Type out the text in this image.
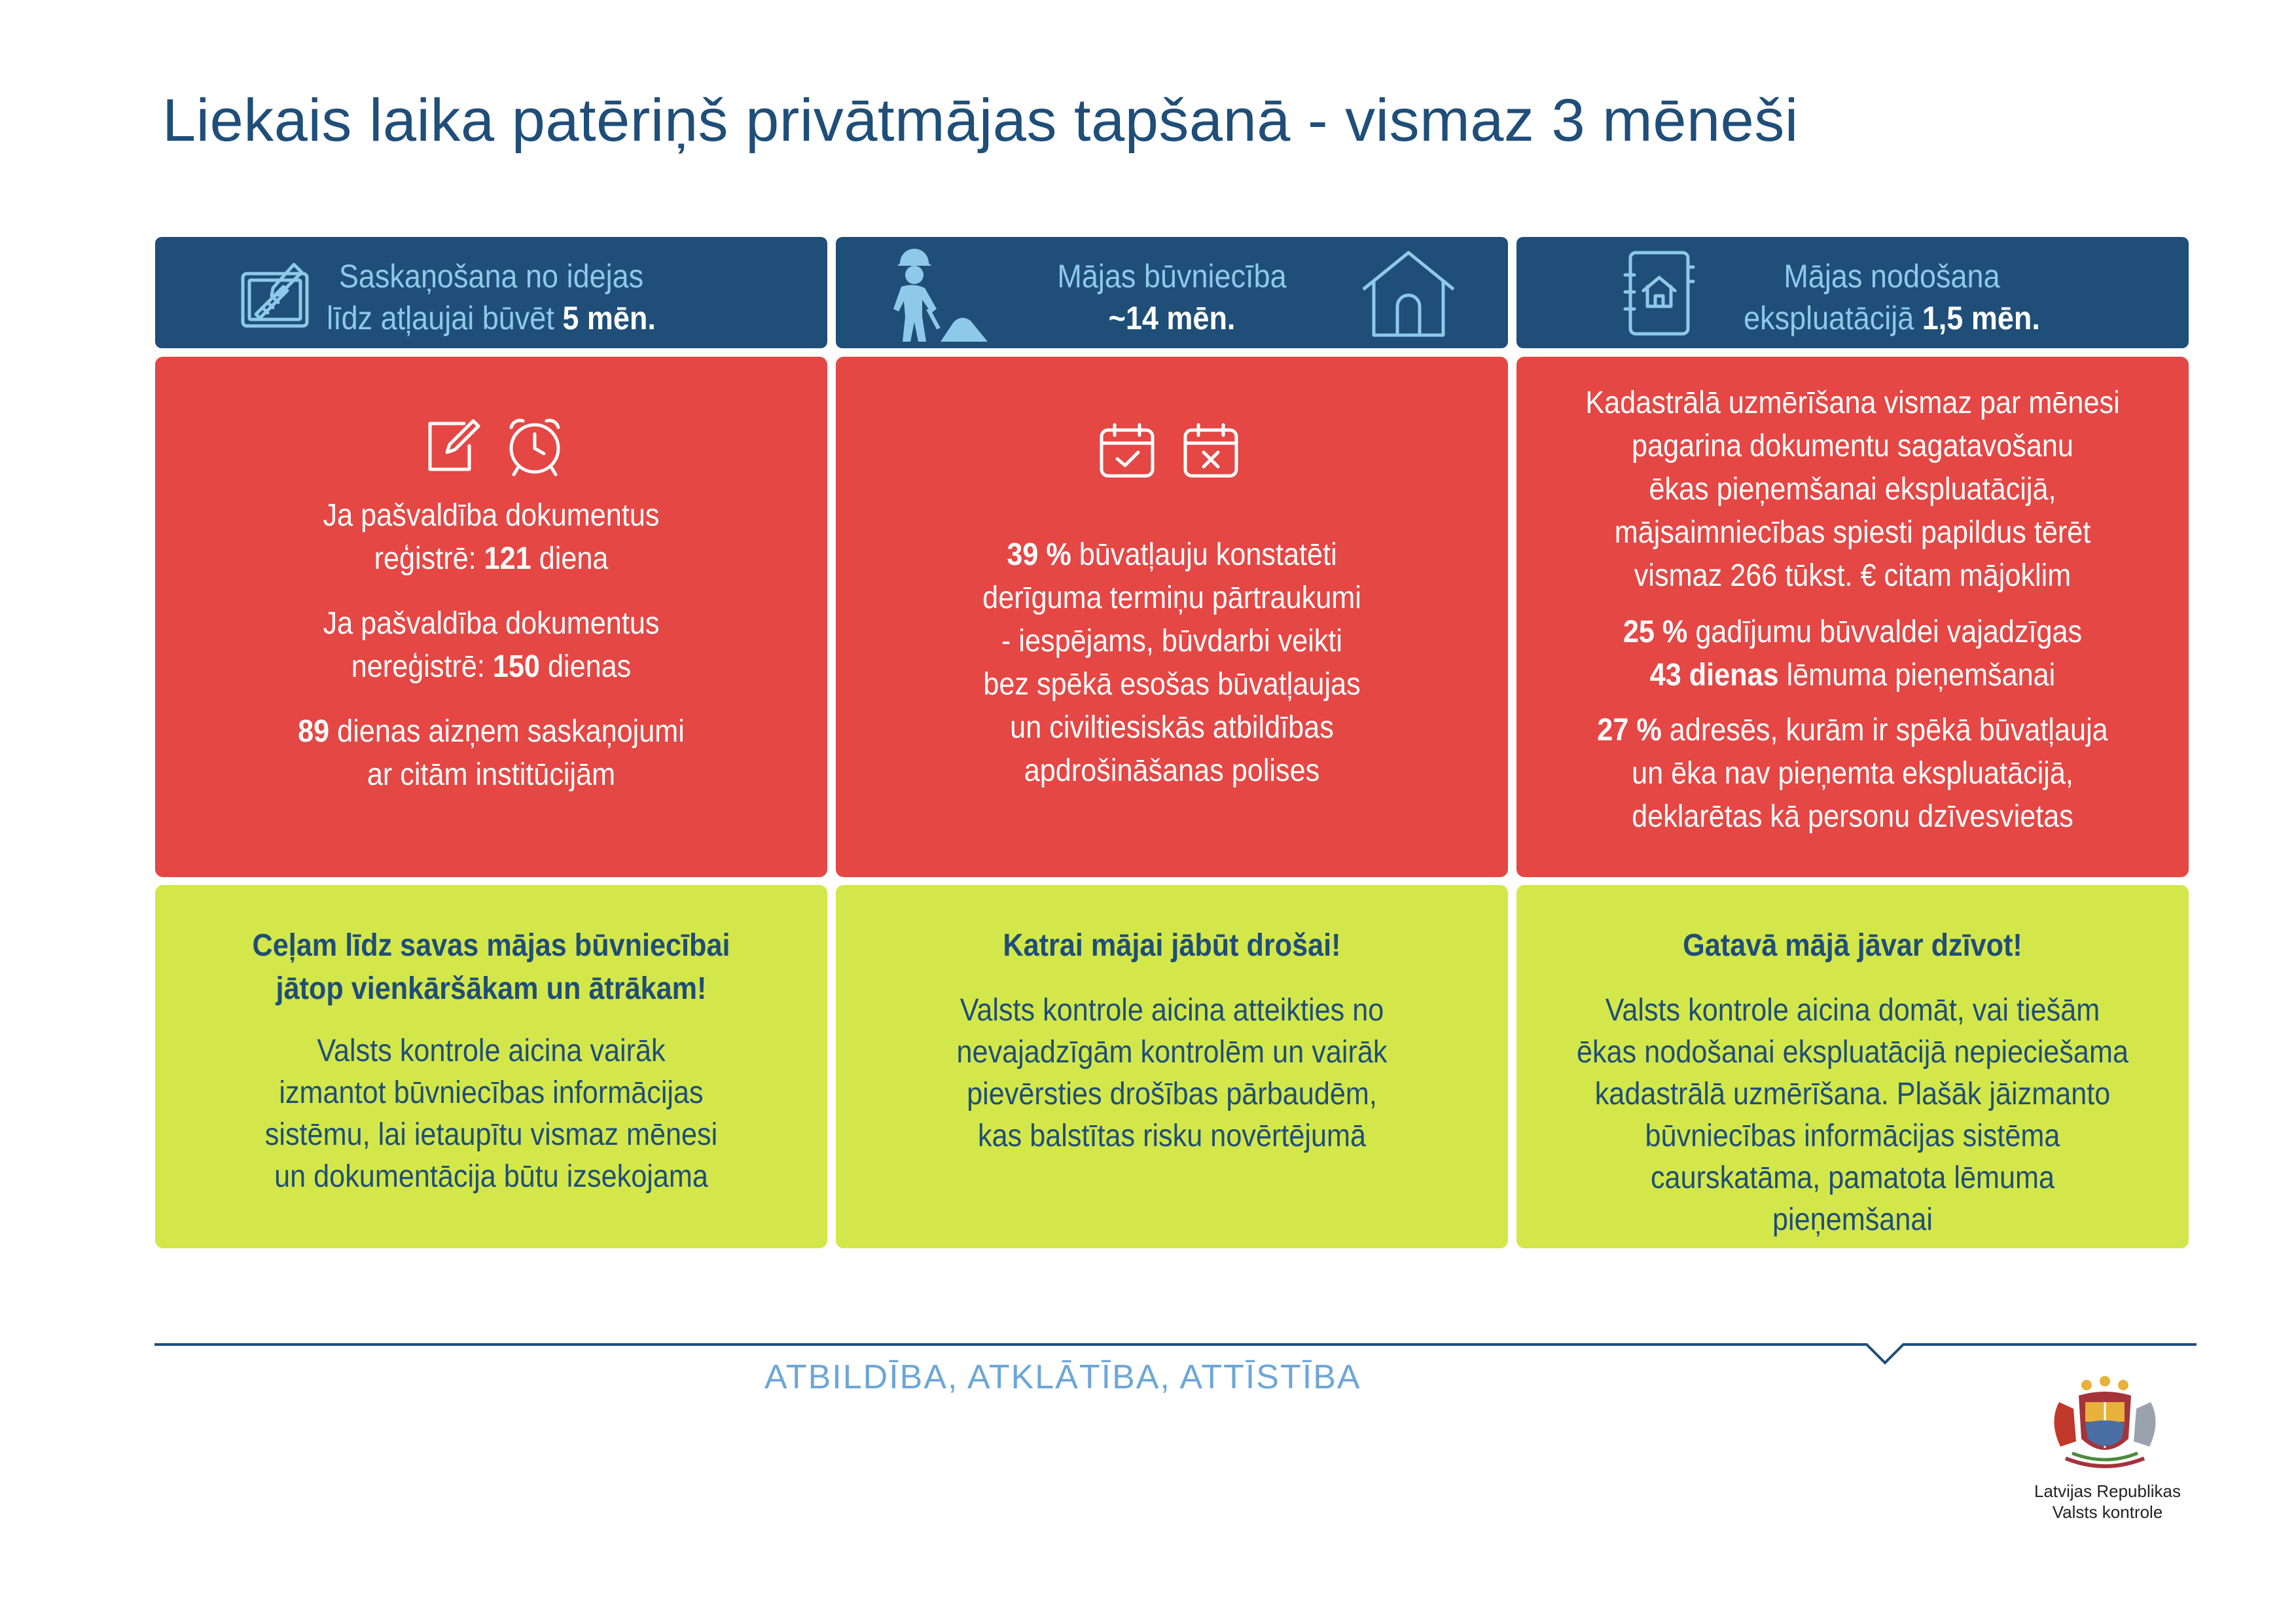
Liekais laika patēriņš privātmājas tapšanā - vismaz 3 mēneši
Saskaņošana no idejas
līdz atļaujai būvēt 5 mēn.
Ja pašvaldība dokumentus
reģistrē: 121 diena
Ja pašvaldība dokumentus
nereģistrē: 150 dienas
89 dienas aizņem saskaņojumi
ar citām institūcijām
Ceļam līdz savas mājas būvniecībai
jātop vienkāršākam un ātrākam!
Valsts kontrole aicina vairāk
izmantot būvniecības informācijas
sistēmu, lai ietaupītu vismaz mēnesi
un dokumentācija būtu izsekojama
Mājas būvniecība
~14 mēn.
39 % būvatļauju konstatēti
derīguma termiņu pārtraukumi
- iespējams, būvdarbi veikti
bez spēkā esošas būvatļaujas
un civiltiesiskās atbildības
apdrošināšanas polises
Katrai mājai jābūt drošai!
Valsts kontrole aicina atteikties no
nevajadzīgām kontrolēm un vairāk
pievērsties drošības pārbaudēm,
kas balstītas risku novērtējumā
Mājas nodošana
ekspluatācijā 1,5 mēn.
Kadastrālā uzmērīšana vismaz par mēnesi
pagarina dokumentu sagatavošanu
ēkas pieņemšanai ekspluatācijā,
mājsaimniecības spiesti papildus tērēt
vismaz 266 tūkst. € citam mājoklim
25 % gadījumu būvvaldei vajadzīgas
43 dienas lēmuma pieņemšanai
27 % adresēs, kurām ir spēkā būvatļauja
un ēka nav pieņemta ekspluatācijā,
deklarētas kā personu dzīvesvietas
Gatavā mājā jāvar dzīvot!
Valsts kontrole aicina domāt, vai tiešām
ēkas nodošanai ekspluatācijā nepieciešama
kadastrālā uzmērīšana. Plašāk jāizmanto
būvniecības informācijas sistēma
caurskatāma, pamatota lēmuma pieņemšanai
ATBILDĪBA, ATKLĀTĪBA, ATTĪSTĪBA
Latvijas Republikas
Valsts kontrole
